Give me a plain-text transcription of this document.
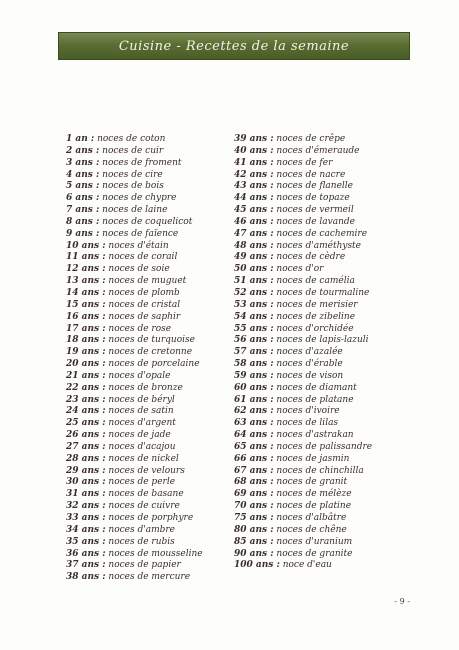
Cuisine - Recettes de la semaine
1 an : noces de coton
2 ans : noces de cuir
3 ans : noces de froment
4 ans : noces de cire
5 ans : noces de bois
6 ans : noces de chypre
7 ans : noces de laine
8 ans : noces de coquelicot
9 ans : noces de faïence
10 ans : noces d'étain
11 ans : noces de corail
12 ans : noces de soie
13 ans : noces de muguet
14 ans : noces de plomb
15 ans : noces de cristal
16 ans : noces de saphir
17 ans : noces de rose
18 ans : noces de turquoise
19 ans : noces de cretonne
20 ans : noces de porcelaine
21 ans : noces d'opale
22 ans : noces de bronze
23 ans : noces de béryl
24 ans : noces de satin
25 ans : noces d'argent
26 ans : noces de jade
27 ans : noces d'acajou
28 ans : noces de nickel
29 ans : noces de velours
30 ans : noces de perle
31 ans : noces de basane
32 ans : noces de cuivre
33 ans : noces de porphyre
34 ans : noces d'ambre
35 ans : noces de rubis
36 ans : noces de mousseline
37 ans : noces de papier
38 ans : noces de mercure
39 ans : noces de crêpe
40 ans : noces d'émeraude
41 ans : noces de fer
42 ans : noces de nacre
43 ans : noces de flanelle
44 ans : noces de topaze
45 ans : noces de vermeil
46 ans : noces de lavande
47 ans : noces de cachemire
48 ans : noces d'améthyste
49 ans : noces de cèdre
50 ans : noces d'or
51 ans : noces de camélia
52 ans : noces de tourmaline
53 ans : noces de merisier
54 ans : noces de zibeline
55 ans : noces d'orchidée
56 ans : noces de lapis-lazuli
57 ans : noces d'azalée
58 ans : noces d'érable
59 ans : noces de vison
60 ans : noces de diamant
61 ans : noces de platane
62 ans : noces d'ivoire
63 ans : noces de lilas
64 ans : noces d'astrakan
65 ans : noces de palissandre
66 ans : noces de jasmin
67 ans : noces de chinchilla
68 ans : noces de granit
69 ans : noces de mélèze
70 ans : noces de platine
75 ans : noces d'albâtre
80 ans : noces de chêne
85 ans : noces d'uranium
90 ans : noces de granite
100 ans : noce d'eau
- 9 -
